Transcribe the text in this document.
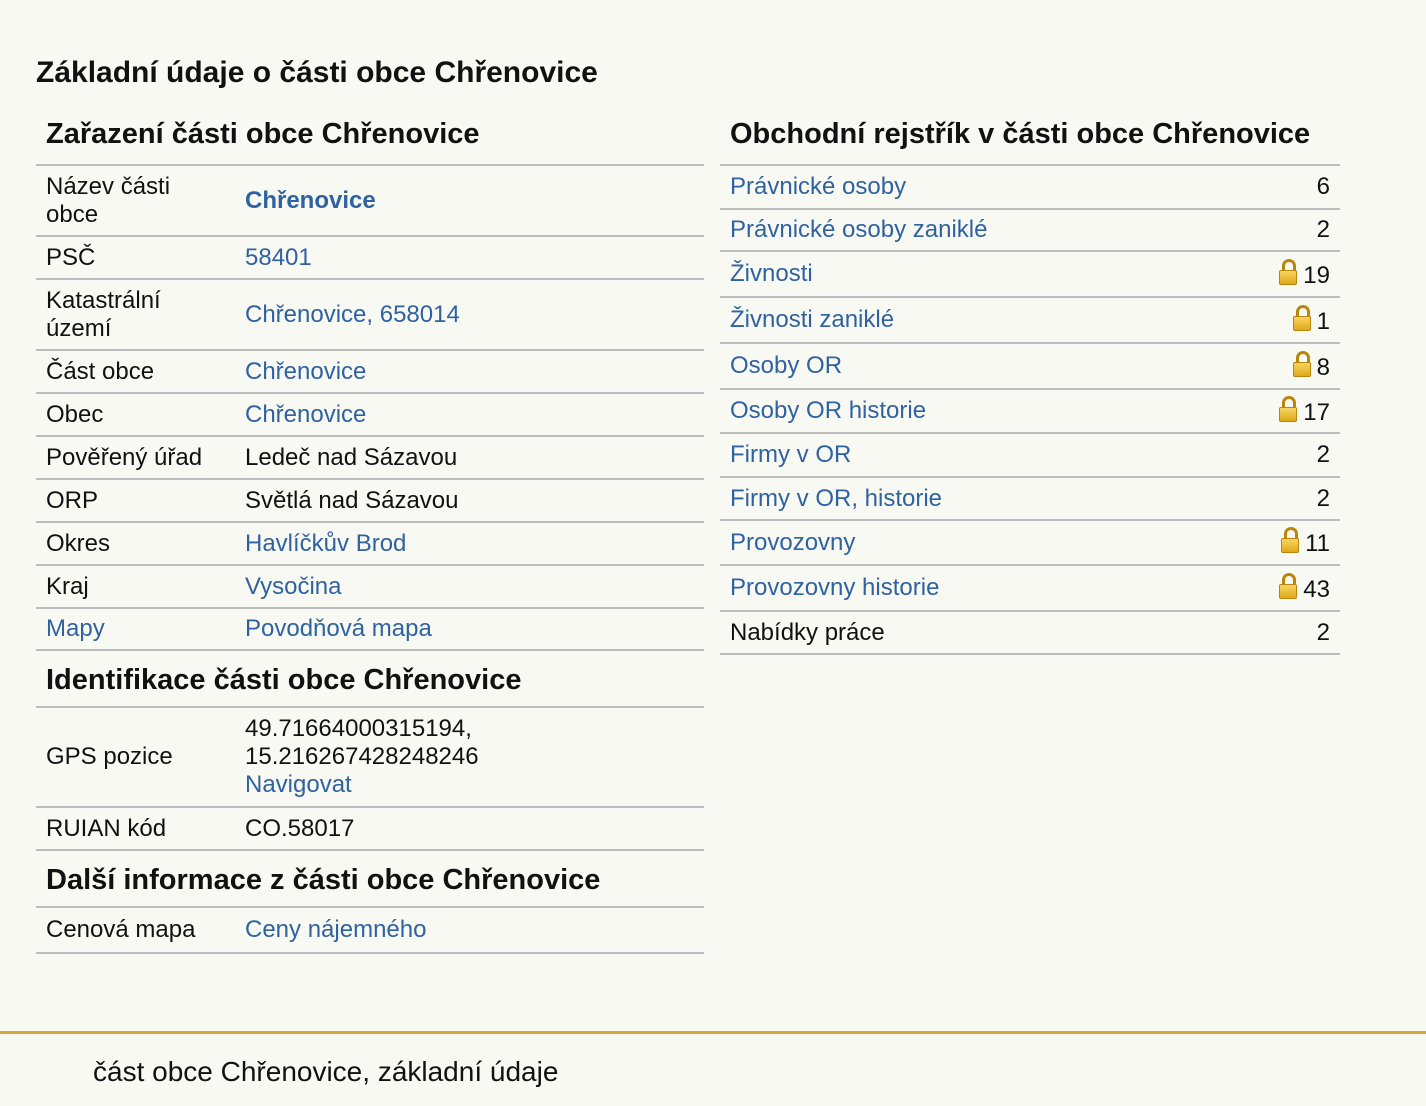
Základní údaje o části obce Chřenovice
Zařazení části obce Chřenovice
Název části obce	Chřenovice
PSČ	58401
Katastrální území	Chřenovice, 658014
Část obce	Chřenovice
Obec	Chřenovice
Pověřený úřad	Ledeč nad Sázavou
ORP	Světlá nad Sázavou
Okres	Havlíčkův Brod
Kraj	Vysočina
Mapy	Povodňová mapa
Identifikace části obce Chřenovice
GPS pozice	49.71664000315194,
15.216267428248246
Navigovat
RUIAN kód	CO.58017
Další informace z části obce Chřenovice
Cenová mapa	Ceny nájemného
Obchodní rejstřík v části obce Chřenovice
Právnické osoby	6
Právnické osoby zaniklé	2
Živnosti	19
Živnosti zaniklé	1
Osoby OR	8
Osoby OR historie	17
Firmy v OR	2
Firmy v OR, historie	2
Provozovny	11
Provozovny historie	43
Nabídky práce	2
část obce Chřenovice, základní údaje
